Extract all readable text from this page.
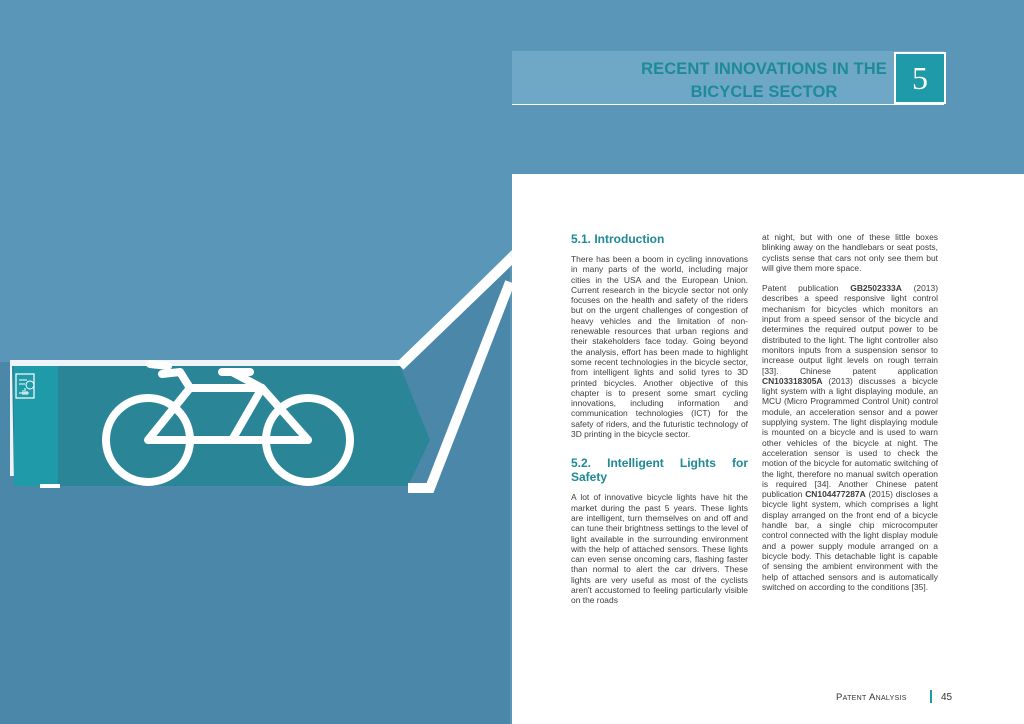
RECENT INNOVATIONS IN THE
BICYCLE SECTOR	5
5.1. Introduction

There has been a boom in cycling innovations in many parts of the world, including major cities in the USA and the European Union. Current research in the bicycle sector not only focuses on the health and safety of the riders but on the urgent challenges of congestion of heavy vehicles and the limitation of non-renewable resources that urban regions and their stakeholders face today. Going beyond the analysis, effort has been made to highlight some recent technologies in the bicycle sector, from intelligent lights and solid tyres to 3D printed bicycles. Another objective of this chapter is to present some smart cycling innovations, including information and communication technologies (ICT) for the safety of riders, and the futuristic technology of 3D printing in the bicycle sector.

5.2. Intelligent Lights for Safety

A lot of innovative bicycle lights have hit the market during the past 5 years. These lights are intelligent, turn themselves on and off and can tune their brightness settings to the level of light available in the surrounding environment with the help of attached sensors. These lights can even sense oncoming cars, flashing faster than normal to alert the car drivers. These lights are very useful as most of the cyclists aren't accustomed to feeling particularly visible on the roads

at night, but with one of these little boxes blinking away on the handlebars or seat posts, cyclists sense that cars not only see them but will give them more space.

Patent publication GB2502333A (2013) describes a speed responsive light control mechanism for bicycles which monitors an input from a speed sensor of the bicycle and determines the required output power to be distributed to the light. The light controller also monitors inputs from a suspension sensor to increase output light levels on rough terrain [33]. Chinese patent application CN103318305A (2013) discusses a bicycle light system with a light displaying module, an MCU (Micro Programmed Control Unit) control module, an acceleration sensor and a power supplying system. The light displaying module is mounted on a bicycle and is used to warn other vehicles of the bicycle at night. The acceleration sensor is used to check the motion of the bicycle for automatic switching of the light, therefore no manual switch operation is required [34]. Another Chinese patent publication CN104477287A (2015) discloses a bicycle light system, which comprises a light display arranged on the front end of a bicycle handle bar, a single chip microcomputer control connected with the light display module and a power supply module arranged on a bicycle body. This detachable light is capable of sensing the ambient environment with the help of attached sensors and is automatically switched on according to the conditions [35].

Patent Analysis	45
